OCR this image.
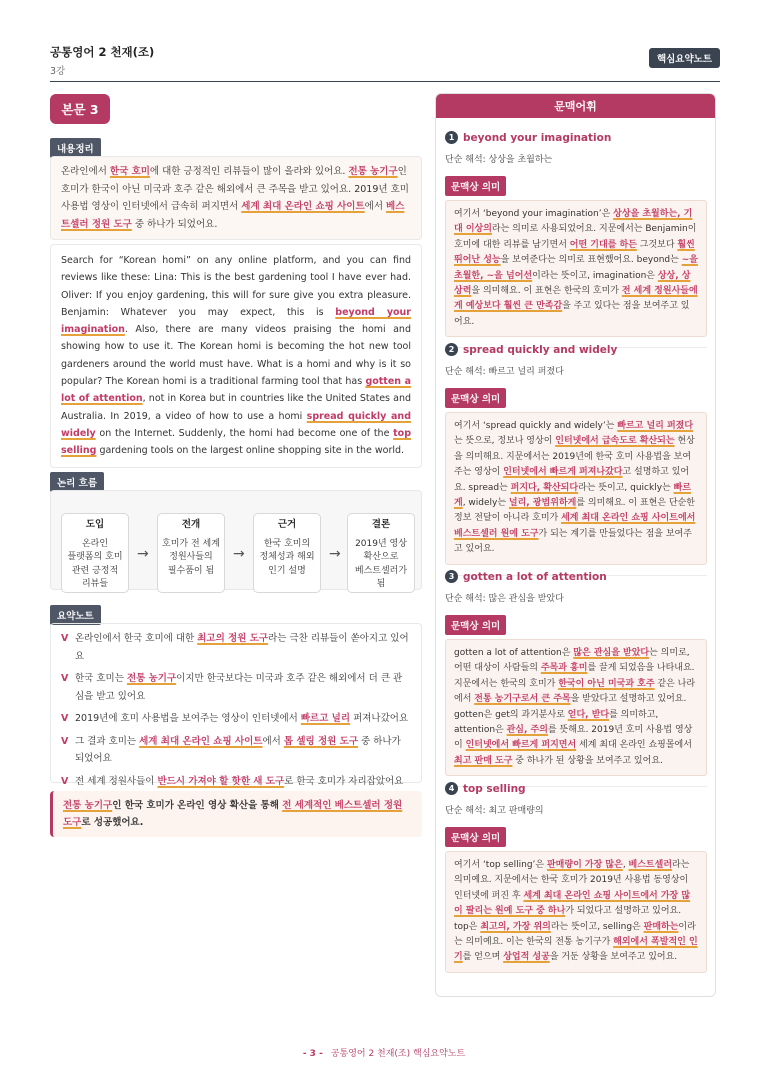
공통영어 2 천재(조)
3강
핵심요약노트
본문 3
내용정리

온라인에서 한국 호미에 대한 긍정적인 리뷰들이 많이 올라와 있어요. 전통 농기구인 호미가 한국이 아닌 미국과 호주 같은 해외에서 큰 주목을 받고 있어요. 2019년 호미 사용법 영상이 인터넷에서 급속히 퍼지면서 세계 최대 온라인 쇼핑 사이트에서 베스트셀러 정원 도구 중 하나가 되었어요.

Search for “Korean homi” on any online platform, and you can find reviews like these: Lina: This is the best gardening tool I have ever had. Oliver: If you enjoy gardening, this will for sure give you extra pleasure. Benjamin: Whatever you may expect, this is beyond your imagination. Also, there are many videos praising the homi and showing how to use it. The Korean homi is becoming the hot new tool gardeners around the world must have. What is a homi and why is it so popular? The Korean homi is a traditional farming tool that has gotten a lot of attention, not in Korea but in countries like the United States and Australia. In 2019, a video of how to use a homi spread quickly and widely on the Internet. Suddenly, the homi had become one of the top selling gardening tools on the largest online shopping site in the world.

논리 흐름
도입
온라인
플랫폼의 호미
관련 긍정적
리뷰들
→
전개
호미가 전 세계
정원사들의
필수품이 됨
→
근거
한국 호미의
정체성과 해외
인기 설명
→
결론
2019년 영상
확산으로
베스트셀러가
됨
요약노트
V 온라인에서 한국 호미에 대한 최고의 정원 도구라는 극찬 리뷰들이 쏟아지고 있어요
V 한국 호미는 전통 농기구이지만 한국보다는 미국과 호주 같은 해외에서 더 큰 관심을 받고 있어요
V 2019년에 호미 사용법을 보여주는 영상이 인터넷에서 빠르고 널리 퍼져나갔어요
V 그 결과 호미는 세계 최대 온라인 쇼핑 사이트에서 톱 셀링 정원 도구 중 하나가 되었어요
V 전 세계 정원사들이 반드시 가져야 할 핫한 새 도구로 한국 호미가 자리잡았어요

전통 농기구인 한국 호미가 온라인 영상 확산을 통해 전 세계적인 베스트셀러 정원 도구로 성공했어요.

문맥어휘
1 beyond your imagination
단순 해석: 상상을 초월하는
문맥상 의미
여기서 ‘beyond your imagination’은 상상을 초월하는, 기대 이상의라는 의미로 사용되었어요. 지문에서는 Benjamin이 호미에 대한 리뷰를 남기면서 어떤 기대를 하든 그것보다 훨씬 뛰어난 성능을 보여준다는 의미로 표현했어요. beyond는 ~을 초월한, ~을 넘어선이라는 뜻이고, imagination은 상상, 상상력을 의미해요. 이 표현은 한국의 호미가 전 세계 정원사들에게 예상보다 훨씬 큰 만족감을 주고 있다는 점을 보여주고 있어요.
2 spread quickly and widely
단순 해석: 빠르고 널리 퍼졌다
문맥상 의미
여기서 ‘spread quickly and widely’는 빠르고 널리 퍼졌다는 뜻으로, 정보나 영상이 인터넷에서 급속도로 확산되는 현상을 의미해요. 지문에서는 2019년에 한국 호미 사용법을 보여주는 영상이 인터넷에서 빠르게 퍼져나갔다고 설명하고 있어요. spread는 퍼지다, 확산되다라는 뜻이고, quickly는 빠르게, widely는 널리, 광범위하게를 의미해요. 이 표현은 단순한 정보 전달이 아니라 호미가 세계 최대 온라인 쇼핑 사이트에서 베스트셀러 원예 도구가 되는 계기를 만들었다는 점을 보여주고 있어요.
3 gotten a lot of attention
단순 해석: 많은 관심을 받았다
문맥상 의미
gotten a lot of attention은 많은 관심을 받았다는 의미로, 어떤 대상이 사람들의 주목과 흥미를 끌게 되었음을 나타내요. 지문에서는 한국의 호미가 한국이 아닌 미국과 호주 같은 나라에서 전통 농기구로서 큰 주목을 받았다고 설명하고 있어요. gotten은 get의 과거분사로 얻다, 받다를 의미하고, attention은 관심, 주의를 뜻해요. 2019년 호미 사용법 영상이 인터넷에서 빠르게 퍼지면서 세계 최대 온라인 쇼핑몰에서 최고 판매 도구 중 하나가 된 상황을 보여주고 있어요.
4 top selling
단순 해석: 최고 판매량의
문맥상 의미
여기서 ‘top selling’은 판매량이 가장 많은, 베스트셀러라는 의미예요. 지문에서는 한국 호미가 2019년 사용법 동영상이 인터넷에 퍼진 후 세계 최대 온라인 쇼핑 사이트에서 가장 많이 팔리는 원예 도구 중 하나가 되었다고 설명하고 있어요. top은 최고의, 가장 위의라는 뜻이고, selling은 판매하는이라는 의미예요. 이는 한국의 전통 농기구가 해외에서 폭발적인 인기를 얻으며 상업적 성공을 거둔 상황을 보여주고 있어요.
- 3 - 공통영어 2 천재(조) 핵심요약노트
